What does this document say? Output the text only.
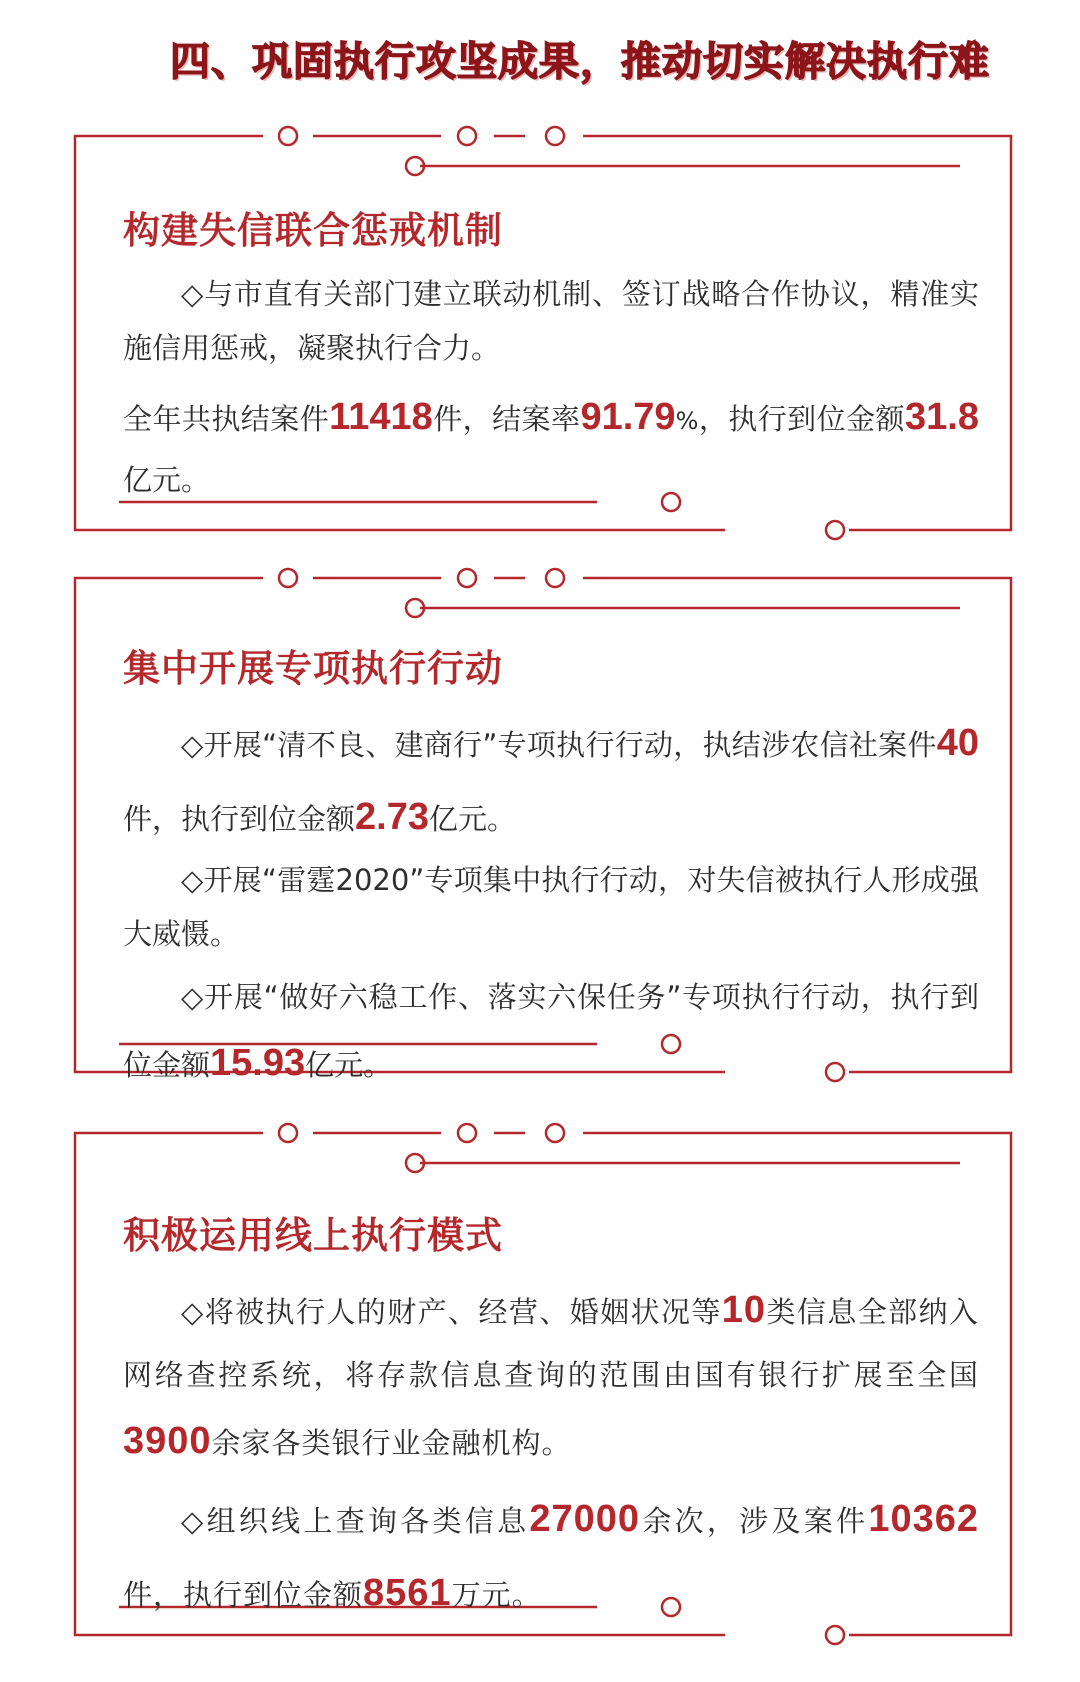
四、巩固执行攻坚成果，推动切实解决执行难
构建失信联合惩戒机制

◇与市直有关部门建立联动机制、签订战略合作协议，精准实施信用惩戒，凝聚执行合力。

全年共执结案件11418件，结案率91.79%，执行到位金额31.8亿元。

集中开展专项执行行动

◇开展“清不良、建商行”专项执行行动，执结涉农信社案件40件，执行到位金额2.73亿元。

◇开展“雷霆2020”专项集中执行行动，对失信被执行人形成强大威慑。

◇开展“做好六稳工作、落实六保任务”专项执行行动，执行到位金额15.93亿元。

积极运用线上执行模式

◇将被执行人的财产、经营、婚姻状况等10类信息全部纳入网络查控系统，将存款信息查询的范围由国有银行扩展至全国3900余家各类银行业金融机构。

◇组织线上查询各类信息27000余次，涉及案件10362件，执行到位金额8561万元。
